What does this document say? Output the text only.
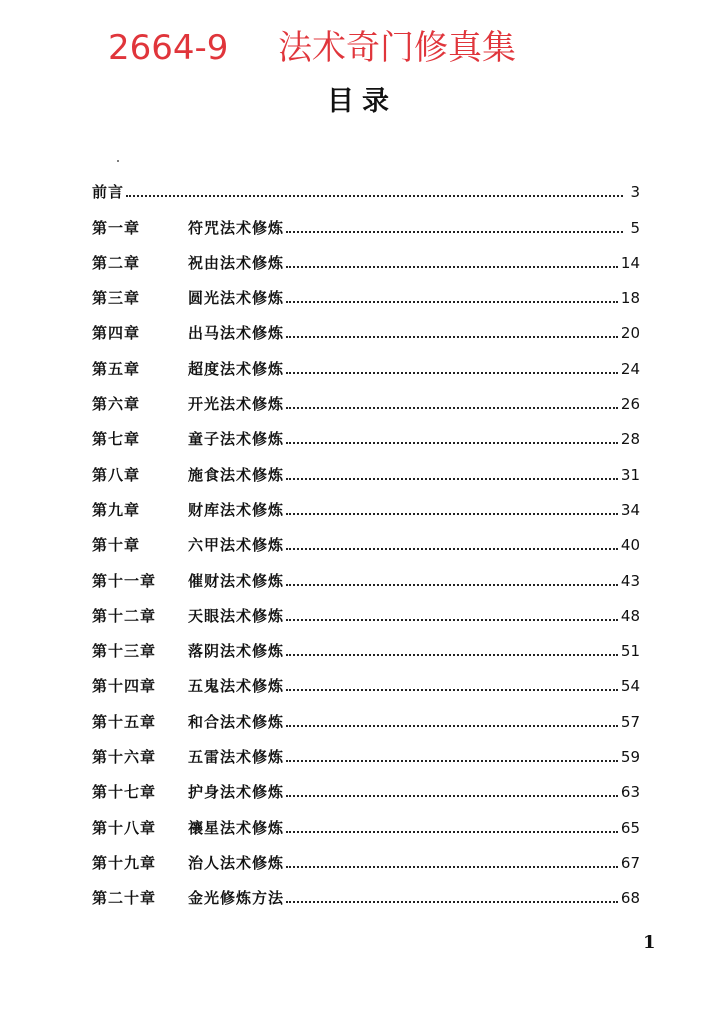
2664-9 法术奇门修真集
目录
前言	3
第一章	符咒法术修炼	5
第二章	祝由法术修炼	14
第三章	圆光法术修炼	18
第四章	出马法术修炼	20
第五章	超度法术修炼	24
第六章	开光法术修炼	26
第七章	童子法术修炼	28
第八章	施食法术修炼	31
第九章	财库法术修炼	34
第十章	六甲法术修炼	40
第十一章	催财法术修炼	43
第十二章	天眼法术修炼	48
第十三章	落阴法术修炼	51
第十四章	五鬼法术修炼	54
第十五章	和合法术修炼	57
第十六章	五雷法术修炼	59
第十七章	护身法术修炼	63
第十八章	禳星法术修炼	65
第十九章	治人法术修炼	67
第二十章	金光修炼方法	68
1
